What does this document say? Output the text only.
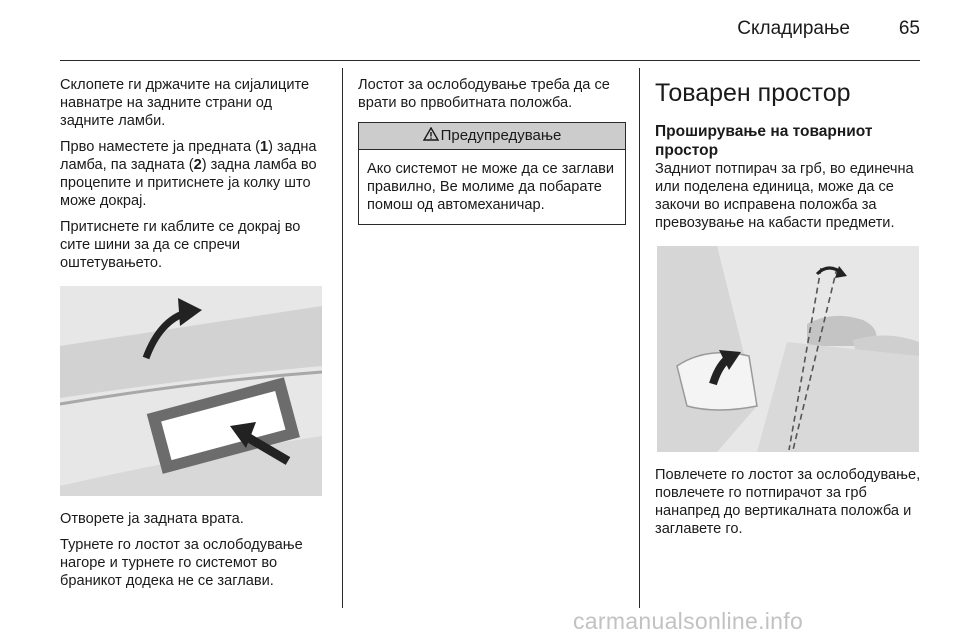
Складирање	65

Склопете ги држачите на сијалиците навнатре на задните страни од задните ламби.

Прво наместете ја предната (1) задна ламба, па задната (2) задна ламба во процепите и притиснете ја колку што може докрај.

Притиснете ги каблите се докрај во сите шини за да се спречи оштетувањето.

Отворете ја задната врата.

Турнете го лостот за ослободување нагоре и турнете го системот во браникот додека не се заглави.

Лостот за ослободување треба да се врати во првобитната положба.

Предупредување
Ако системот не може да се заглави правилно, Ве молиме да побарате помош од автомеханичар.
Товарен простор
Проширување на товарниот простор

Задниот потпирач за грб, во единечна или поделена единица, може да се закочи во исправена положба за превозување на кабасти предмети.

Повлечете го лостот за ослободување, повлечете го потпирачот за грб нанапред до вертикалната положба и заглавете го.

carmanualsonline.info
